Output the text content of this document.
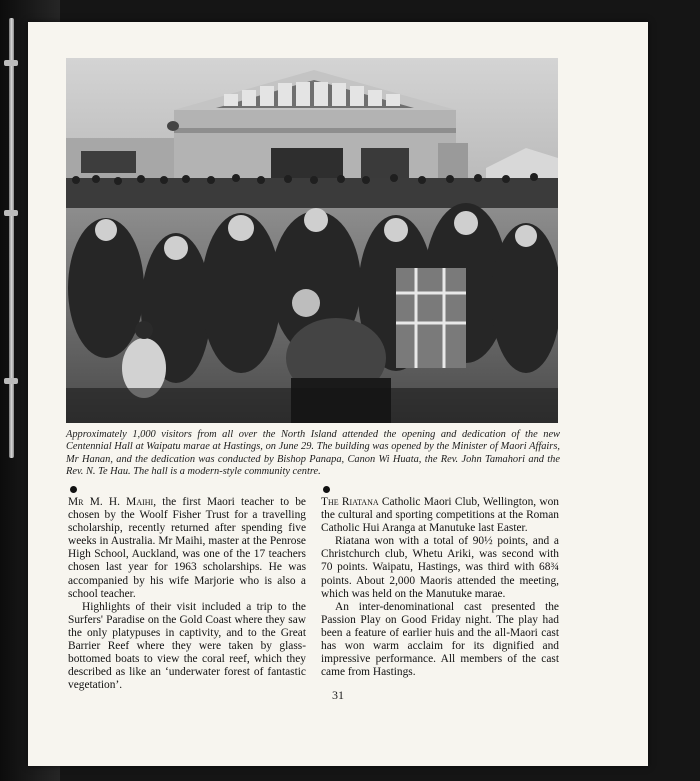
Approximately 1,000 visitors from all over the North Island attended the opening and dedication of the new Centennial Hall at Waipatu marae at Hastings, on June 29. The building was opened by the Minister of Maori Affairs, Mr Hanan, and the dedication was conducted by Bishop Panapa, Canon Wi Huata, the Rev. John Tamahori and the Rev. N. Te Hau. The hall is a modern-style community centre.

Mr M. H. Maihi, the first Maori teacher to be chosen by the Woolf Fisher Trust for a travelling scholarship, recently returned after spending five weeks in Australia. Mr Maihi, master at the Penrose High School, Auckland, was one of the 17 teachers chosen last year for 1963 scholarships. He was accompanied by his wife Marjorie who is also a school teacher.

Highlights of their visit included a trip to the Surfers' Paradise on the Gold Coast where they saw the only platypuses in captivity, and to the Great Barrier Reef where they were taken by glass-bottomed boats to view the coral reef, which they described as like an ‘underwater forest of fantastic vegetation’.

The Riatana Catholic Maori Club, Wellington, won the cultural and sporting competitions at the Roman Catholic Hui Aranga at Manutuke last Easter.

Riatana won with a total of 90½ points, and a Christchurch club, Whetu Ariki, was second with 70 points. Waipatu, Hastings, was third with 68¾ points. About 2,000 Maoris attended the meeting, which was held on the Manutuke marae.

An inter-denominational cast presented the Passion Play on Good Friday night. The play had been a feature of earlier huis and the all-Maori cast has won warm acclaim for its dignified and impressive performance. All members of the cast came from Hastings.

31
